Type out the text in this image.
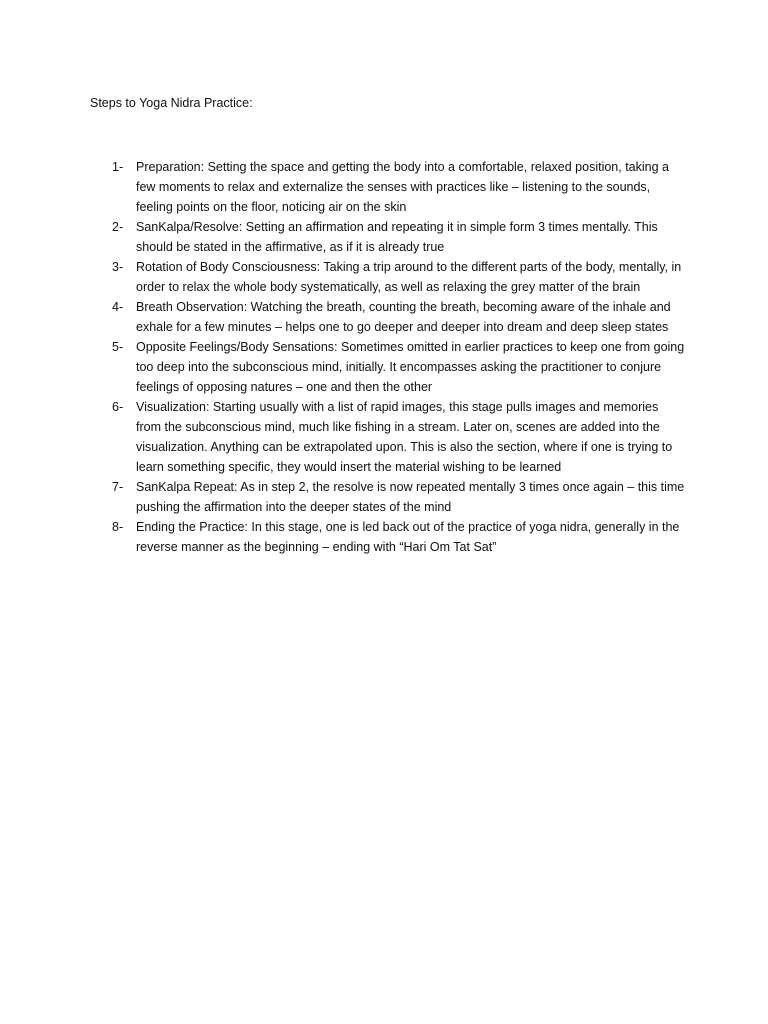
Steps to Yoga Nidra Practice:
1-	Preparation: Setting the space and getting the body into a comfortable, relaxed position, taking a few moments to relax and externalize the senses with practices like – listening to the sounds, feeling points on the floor, noticing air on the skin
2-	SanKalpa/Resolve: Setting an affirmation and repeating it in simple form 3 times mentally. This should be stated in the affirmative, as if it is already true
3-	Rotation of Body Consciousness: Taking a trip around to the different parts of the body, mentally, in order to relax the whole body systematically, as well as relaxing the grey matter of the brain
4-	Breath Observation: Watching the breath, counting the breath, becoming aware of the inhale and exhale for a few minutes – helps one to go deeper and deeper into dream and deep sleep states
5-	Opposite Feelings/Body Sensations: Sometimes omitted in earlier practices to keep one from going too deep into the subconscious mind, initially. It encompasses asking the practitioner to conjure feelings of opposing natures – one and then the other
6-	Visualization: Starting usually with a list of rapid images, this stage pulls images and memories from the subconscious mind, much like fishing in a stream. Later on, scenes are added into the visualization. Anything can be extrapolated upon. This is also the section, where if one is trying to learn something specific, they would insert the material wishing to be learned
7-	SanKalpa Repeat: As in step 2, the resolve is now repeated mentally 3 times once again – this time pushing the affirmation into the deeper states of the mind
8-	Ending the Practice: In this stage, one is led back out of the practice of yoga nidra, generally in the reverse manner as the beginning – ending with “Hari Om Tat Sat”
